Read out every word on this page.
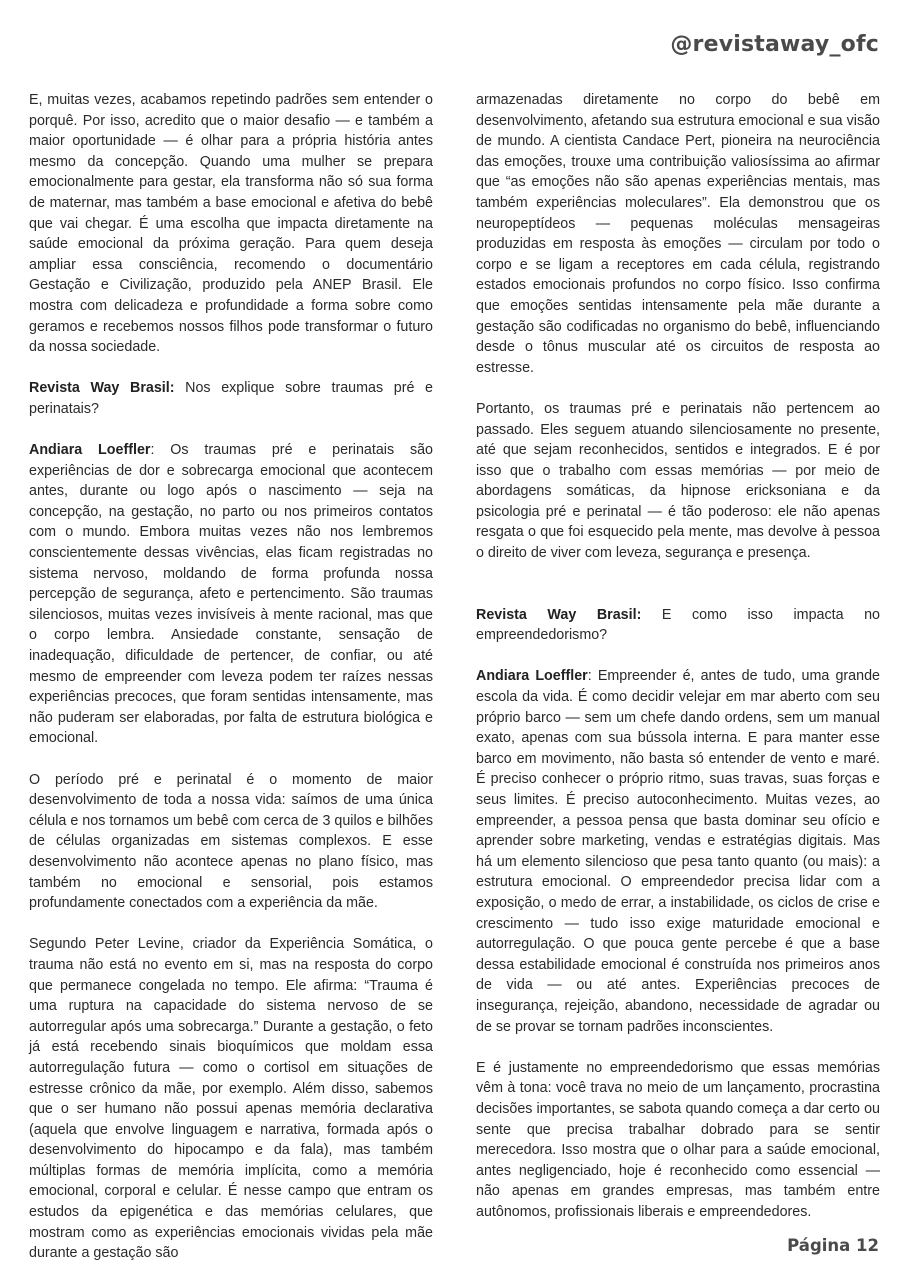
@revistaway_ofc

E, muitas vezes, acabamos repetindo padrões sem entender o porquê. Por isso, acredito que o maior desafio — e também a maior oportunidade — é olhar para a própria história antes mesmo da concepção. Quando uma mulher se prepara emocionalmente para gestar, ela transforma não só sua forma de maternar, mas também a base emocional e afetiva do bebê que vai chegar. É uma escolha que impacta diretamente na saúde emocional da próxima geração. Para quem deseja ampliar essa consciência, recomendo o documentário Gestação e Civilização, produzido pela ANEP Brasil. Ele mostra com delicadeza e profundidade a forma sobre como geramos e recebemos nossos filhos pode transformar o futuro da nossa sociedade.

Revista Way Brasil: Nos explique sobre traumas pré e perinatais?

Andiara Loeffler: Os traumas pré e perinatais são experiências de dor e sobrecarga emocional que acontecem antes, durante ou logo após o nascimento — seja na concepção, na gestação, no parto ou nos primeiros contatos com o mundo. Embora muitas vezes não nos lembremos conscientemente dessas vivências, elas ficam registradas no sistema nervoso, moldando de forma profunda nossa percepção de segurança, afeto e pertencimento. São traumas silenciosos, muitas vezes invisíveis à mente racional, mas que o corpo lembra. Ansiedade constante, sensação de inadequação, dificuldade de pertencer, de confiar, ou até mesmo de empreender com leveza podem ter raízes nessas experiências precoces, que foram sentidas intensamente, mas não puderam ser elaboradas, por falta de estrutura biológica e emocional.

O período pré e perinatal é o momento de maior desenvolvimento de toda a nossa vida: saímos de uma única célula e nos tornamos um bebê com cerca de 3 quilos e bilhões de células organizadas em sistemas complexos. E esse desenvolvimento não acontece apenas no plano físico, mas também no emocional e sensorial, pois estamos profundamente conectados com a experiência da mãe.

Segundo Peter Levine, criador da Experiência Somática, o trauma não está no evento em si, mas na resposta do corpo que permanece congelada no tempo. Ele afirma: “Trauma é uma ruptura na capacidade do sistema nervoso de se autorregular após uma sobrecarga.” Durante a gestação, o feto já está recebendo sinais bioquímicos que moldam essa autorregulação futura — como o cortisol em situações de estresse crônico da mãe, por exemplo. Além disso, sabemos que o ser humano não possui apenas memória declarativa (aquela que envolve linguagem e narrativa, formada após o desenvolvimento do hipocampo e da fala), mas também múltiplas formas de memória implícita, como a memória emocional, corporal e celular. É nesse campo que entram os estudos da epigenética e das memórias celulares, que mostram como as experiências emocionais vividas pela mãe durante a gestação são

armazenadas diretamente no corpo do bebê em desenvolvimento, afetando sua estrutura emocional e sua visão de mundo. A cientista Candace Pert, pioneira na neurociência das emoções, trouxe uma contribuição valiosíssima ao afirmar que “as emoções não são apenas experiências mentais, mas também experiências moleculares”. Ela demonstrou que os neuropeptídeos — pequenas moléculas mensageiras produzidas em resposta às emoções — circulam por todo o corpo e se ligam a receptores em cada célula, registrando estados emocionais profundos no corpo físico. Isso confirma que emoções sentidas intensamente pela mãe durante a gestação são codificadas no organismo do bebê, influenciando desde o tônus muscular até os circuitos de resposta ao estresse.

Portanto, os traumas pré e perinatais não pertencem ao passado. Eles seguem atuando silenciosamente no presente, até que sejam reconhecidos, sentidos e integrados. E é por isso que o trabalho com essas memórias — por meio de abordagens somáticas, da hipnose ericksoniana e da psicologia pré e perinatal — é tão poderoso: ele não apenas resgata o que foi esquecido pela mente, mas devolve à pessoa o direito de viver com leveza, segurança e presença.

Revista Way Brasil: E como isso impacta no empreendedorismo?

Andiara Loeffler: Empreender é, antes de tudo, uma grande escola da vida. É como decidir velejar em mar aberto com seu próprio barco — sem um chefe dando ordens, sem um manual exato, apenas com sua bússola interna. E para manter esse barco em movimento, não basta só entender de vento e maré. É preciso conhecer o próprio ritmo, suas travas, suas forças e seus limites. É preciso autoconhecimento. Muitas vezes, ao empreender, a pessoa pensa que basta dominar seu ofício e aprender sobre marketing, vendas e estratégias digitais. Mas há um elemento silencioso que pesa tanto quanto (ou mais): a estrutura emocional. O empreendedor precisa lidar com a exposição, o medo de errar, a instabilidade, os ciclos de crise e crescimento — tudo isso exige maturidade emocional e autorregulação. O que pouca gente percebe é que a base dessa estabilidade emocional é construída nos primeiros anos de vida — ou até antes. Experiências precoces de insegurança, rejeição, abandono, necessidade de agradar ou de se provar se tornam padrões inconscientes.

E é justamente no empreendedorismo que essas memórias vêm à tona: você trava no meio de um lançamento, procrastina decisões importantes, se sabota quando começa a dar certo ou sente que precisa trabalhar dobrado para se sentir merecedora. Isso mostra que o olhar para a saúde emocional, antes negligenciado, hoje é reconhecido como essencial — não apenas em grandes empresas, mas também entre autônomos, profissionais liberais e empreendedores.

Página 12
